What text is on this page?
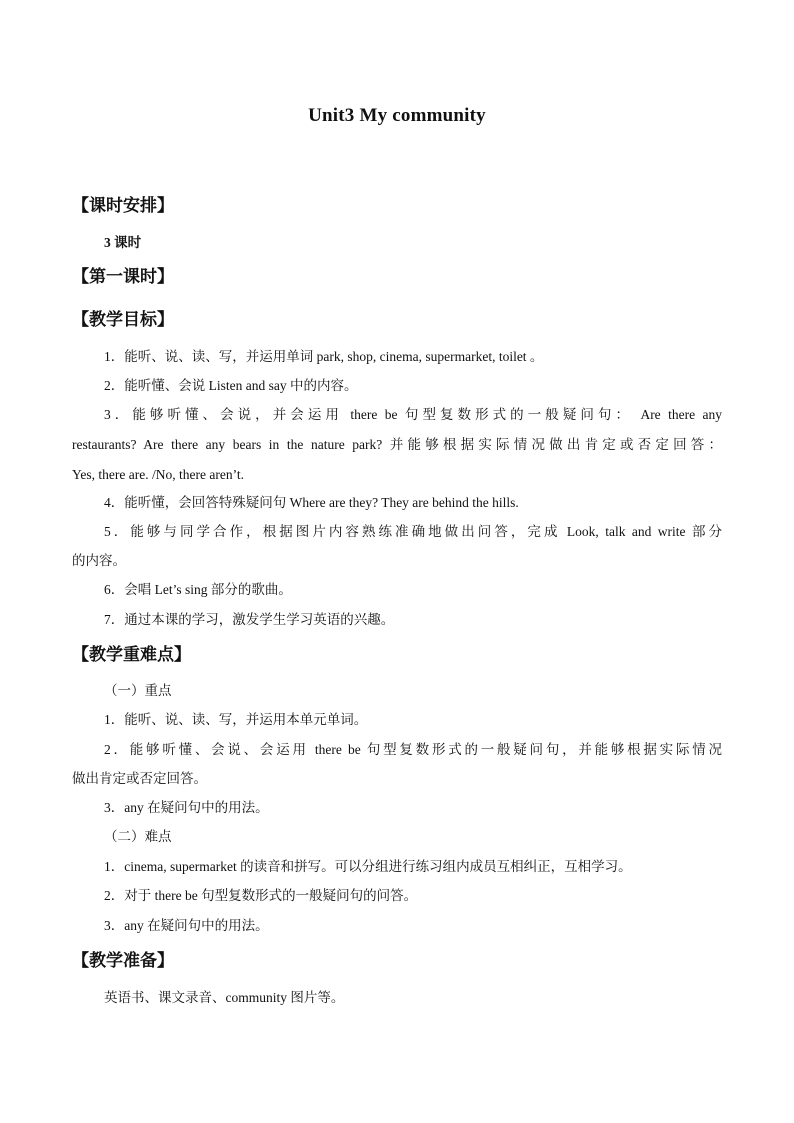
Unit3 My community
【课时安排】
3 课时
【第一课时】
【教学目标】
1．能听、说、读、写，并运用单词 park, shop, cinema, supermarket, toilet 。
2．能听懂、会说 Listen and say 中的内容。
3．能够听懂、会说，并会运用 there be 句型复数形式的一般疑问句： Are there any
restaurants? Are there any bears in the nature park? 并能够根据实际情况做出肯定或否定回答：
Yes, there are. /No, there aren’t.
4．能听懂，会回答特殊疑问句 Where are they? They are behind the hills.
5．能够与同学合作，根据图片内容熟练准确地做出问答，完成 Look, talk and write 部分
的内容。
6．会唱 Let’s sing 部分的歌曲。
7．通过本课的学习，激发学生学习英语的兴趣。
【教学重难点】
（一）重点
1．能听、说、读、写，并运用本单元单词。
2．能够听懂、会说、会运用 there be 句型复数形式的一般疑问句，并能够根据实际情况
做出肯定或否定回答。
3．any 在疑问句中的用法。
（二）难点
1．cinema, supermarket 的读音和拼写。可以分组进行练习组内成员互相纠正，互相学习。
2．对于 there be 句型复数形式的一般疑问句的问答。
3．any 在疑问句中的用法。
【教学准备】
英语书、课文录音、community 图片等。
